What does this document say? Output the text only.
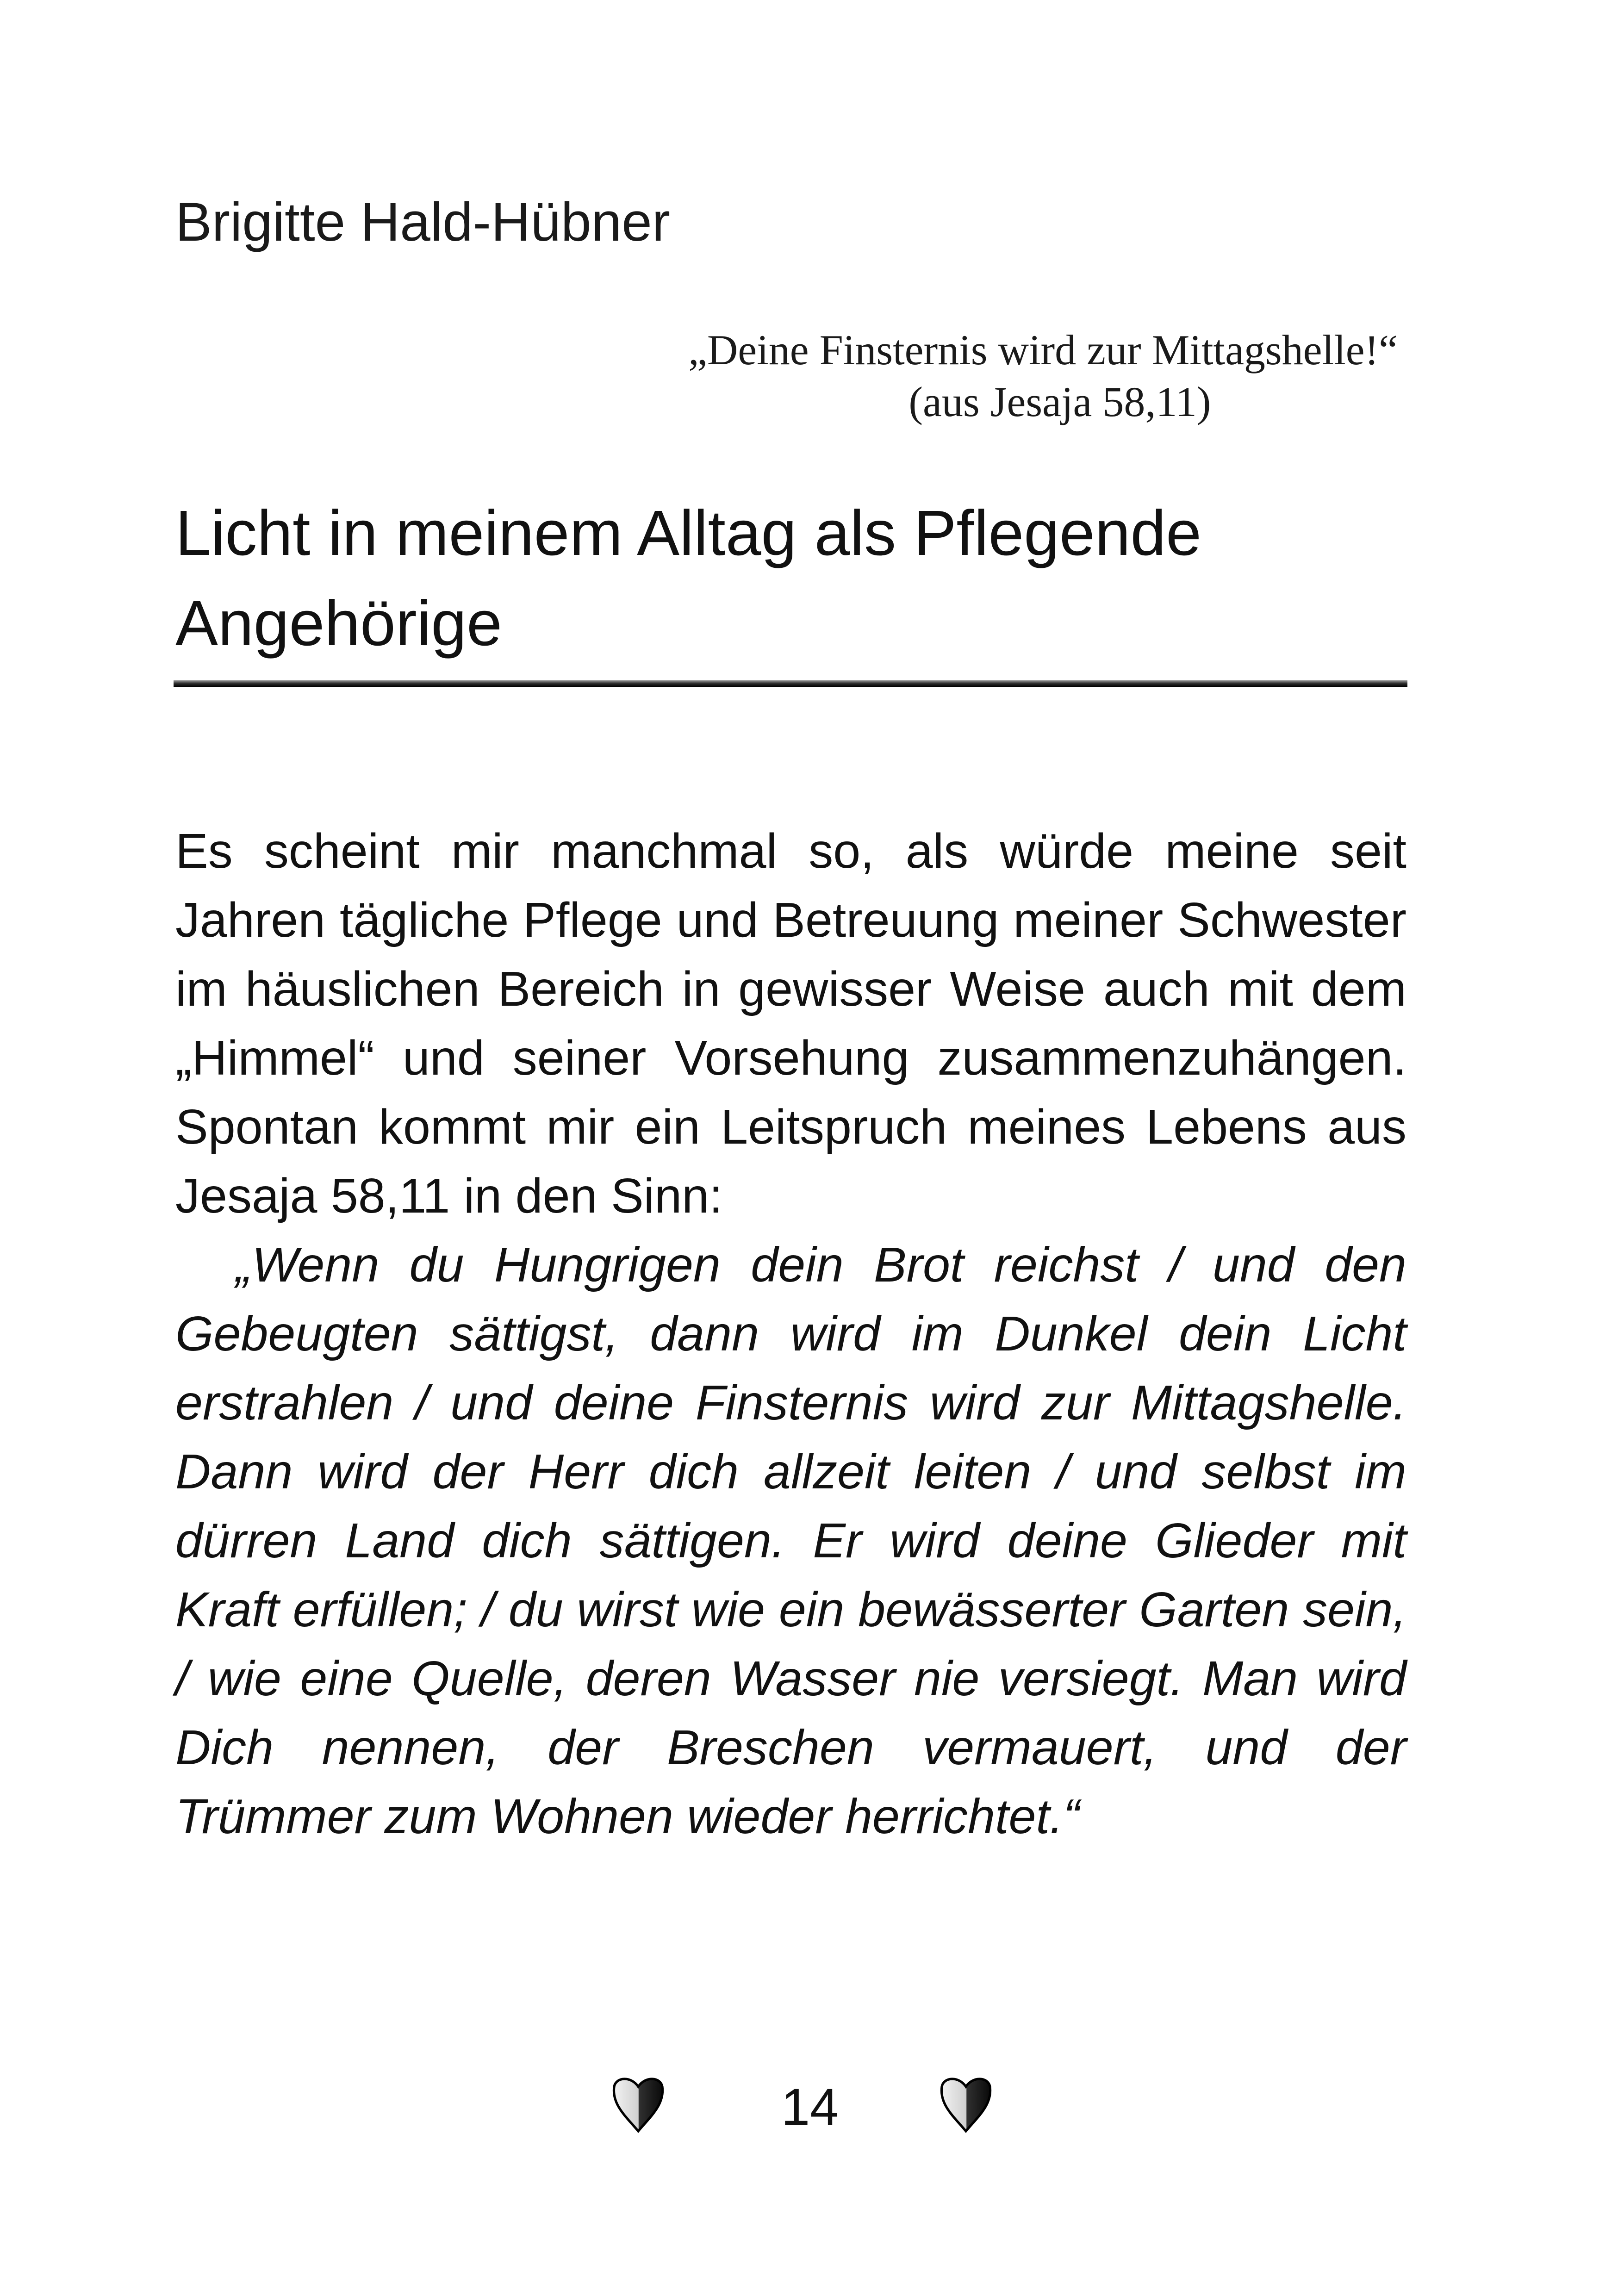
Brigitte Hald-Hübner
„Deine Finsternis wird zur Mittagshelle!“
(aus Jesaja 58,11)
Licht in meinem Alltag als Pflegende Angehörige

Es scheint mir manchmal so, als würde meine seit Jahren tägliche Pflege und Betreuung meiner Schwester im häuslichen Bereich in gewisser Weise auch mit dem „Himmel“ und seiner Vorsehung zusammenzuhängen. Spontan kommt mir ein Leitspruch meines Lebens aus Jesaja 58,11 in den Sinn:

„Wenn du Hungrigen dein Brot reichst / und den Gebeugten sättigst, dann wird im Dunkel dein Licht erstrahlen / und deine Finsternis wird zur Mittagshelle. Dann wird der Herr dich allzeit leiten / und selbst im dürren Land dich sättigen. Er wird deine Glieder mit Kraft erfüllen; / du wirst wie ein bewässerter Garten sein, / wie eine Quelle, deren Wasser nie versiegt. Man wird Dich nennen, der Breschen vermauert, und der Trümmer zum Wohnen wieder herrichtet.“

14
